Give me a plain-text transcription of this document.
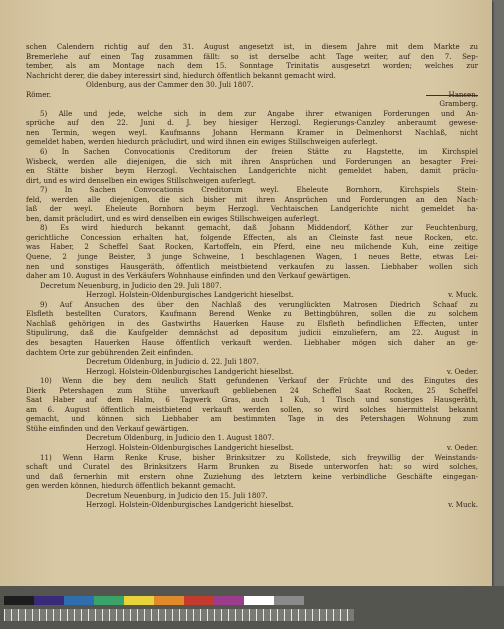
schen Calendern richtig auf den 31. August angesetzt ist, in diesem Jahre mit dem Markte zu
Bremerlehe auf einen Tag zusammen fällt: so ist derselbe acht Tage weiter, auf den 7. Sep-
tember, als am Montage nach dem 15. Sonntage Trinitatis ausgesetzt worden; welches zur
Nachricht derer, die dabey interessirt sind, hiedurch öffentlich bekannt gemacht wird.
Oldenburg, aus der Cammer den 30. Juli 1807.
Römer.	Hansen.
Gramberg.
5) Alle und jede, welche sich in dem zur Angabe ihrer etwanigen Forderungen und An-
sprüche auf den 22. Juni d. J. bey hiesiger Herzogl. Regierungs-Canzley anberaumt gewese-
nen Termin, wegen weyl. Kaufmanns Johann Hermann Kramer in Delmenhorst Nachlaß, nicht
gemeldet haben, werden hiedurch präcludirt, und wird ihnen ein ewiges Stillschweigen auferlegt.
6) In Sachen Convocationis Creditorum der freien Stätte zu Hagstette, im Kirchspiel
Wisbeck, werden alle diejenigen, die sich mit ihren Ansprüchen und Forderungen an besagter Frei-
en Stätte bisher beym Herzogl. Vechtaischen Landgerichte nicht gemeldet haben, damit präclu-
dirt, und es wird denselben ein ewiges Stillschweigen auferlegt.
7) In Sachen Convocationis Creditorum weyl. Eheleute Bornhorn, Kirchspiels Stein-
feld, werden alle diejenigen, die sich bisher mit ihren Ansprüchen und Forderungen an den Nach-
laß der weyl. Eheleute Bornhorn beym Herzogl. Vechtaischen Landgerichte nicht gemeldet ha-
ben, damit präcludirt, und es wird denselben ein ewiges Stillschweigen auferlegt.
8) Es wird hiedurch bekannt gemacht, daß Johann Middendorf, Köther zur Feuchtenburg,
gerichtliche Concession erhalten hat, folgende Effecten, als an Cleinste fast neue Rocken, etc.
was Haber, 2 Scheffel Saat Rocken, Kartoffeln, ein Pferd, eine neu milchende Kuh, eine zeitige
Quene, 2 junge Beister, 3 junge Schweine, 1 beschlagenen Wagen, 1 neues Bette, etwas Lei-
nen und sonstiges Hausgeräth, öffentlich meistbietend verkaufen zu lassen. Liebhaber wollen sich
daher am 10. August in des Verkäufers Wohnhause einfinden und den Verkauf gewärtigen.
Decretum Neuenburg, in Judicio den 29. Juli 1807.
Herzogl. Holstein-Oldenburgisches Landgericht hieselbst.	v. Muck.
9) Auf Ansuchen des über den Nachlaß des verunglückten Matrosen Diedrich Schaaf zu
Elsfleth bestellten Curators, Kaufmann Berend Wenke zu Bettingbühren, sollen die zu solchem
Nachlaß gehörigen in des Gastwirths Hauerken Hause zu Elsfleth befindlichen Effecten, unter
Stipulirung, daß die Kaufgelder demnächst ad depositum judicii einzuliefern, am 22. August in
des besagten Hauerken Hause öffentlich verkauft werden. Liebhaber mögen sich daher an ge-
dachtem Orte zur gebührenden Zeit einfinden.
Decretum Oldenburg, in Judicio d. 22. Juli 1807.
Herzogl. Holstein-Oldenburgisches Landgericht hieselbst.	v. Oeder.
10) Wenn die bey dem neulich Statt gefundenen Verkauf der Früchte und des Eingutes des
Dierk Petershagen zum Stühe unverkauft gebliebenen 24 Scheffel Saat Rocken, 25 Scheffel
Saat Haber auf dem Halm, 6 Tagwerk Gras, auch 1 Kuh, 1 Tisch und sonstiges Hausgeräth,
am 6. August öffentlich meistbietend verkauft werden sollen, so wird solches hiermittelst bekannt
gemacht, und können sich Liebhaber am bestimmten Tage in des Petershagen Wohnung zum
Stühe einfinden und den Verkauf gewärtigen.
Decretum Oldenburg, in Judicio den 1. August 1807.
Herzogl. Holstein-Oldenburgisches Landgericht hieselbst.	v. Oeder.
11) Wenn Harm Renke Kruse, bisher Brinksitzer zu Kollstede, sich freywillig der Weinstands-
schaft und Curatel des Brinksitzers Harm Brunken zu Bisede unterworfen hat: so wird solches,
und daß fernerhin mit erstern ohne Zuziehung des letztern keine verbindliche Geschäfte eingegan-
gen werden können, hiedurch öffentlich bekannt gemacht.
Decretum Neuenburg, in Judicio den 15. Juli 1807.
Herzogl. Holstein-Oldenburgisches Landgericht hieselbst.	v. Muck.
